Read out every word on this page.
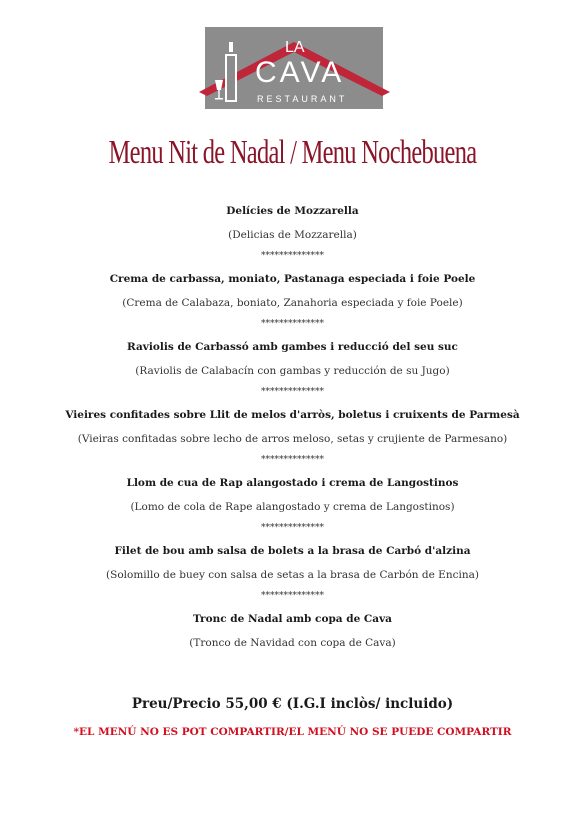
LA
CAVA
RESTAURANT
Menu Nit de Nadal / Menu Nochebuena
Delícies de Mozzarella
(Delicias de Mozzarella)
**************
Crema de carbassa, moniato, Pastanaga especiada i foie Poele
(Crema de Calabaza, boniato, Zanahoria especiada y foie Poele)
**************
Raviolis de Carbassó amb gambes i reducció del seu suc
(Raviolis de Calabacín con gambas y reducción de su Jugo)
**************
Vieires confitades sobre Llit de melos d'arròs, boletus i cruixents de Parmesà
(Vieiras confitadas sobre lecho de arros meloso, setas y crujiente de Parmesano)
**************
Llom de cua de Rap alangostado i crema de Langostinos
(Lomo de cola de Rape alangostado y crema de Langostinos)
**************
Filet de bou amb salsa de bolets a la brasa de Carbó d'alzina
(Solomillo de buey con salsa de setas a la brasa de Carbón de Encina)
**************
Tronc de Nadal amb copa de Cava
(Tronco de Navidad con copa de Cava)
Preu/Precio 55,00 € (I.G.I inclòs/ incluido)
*EL MENÚ NO ES POT COMPARTIR/EL MENÚ NO SE PUEDE COMPARTIR
